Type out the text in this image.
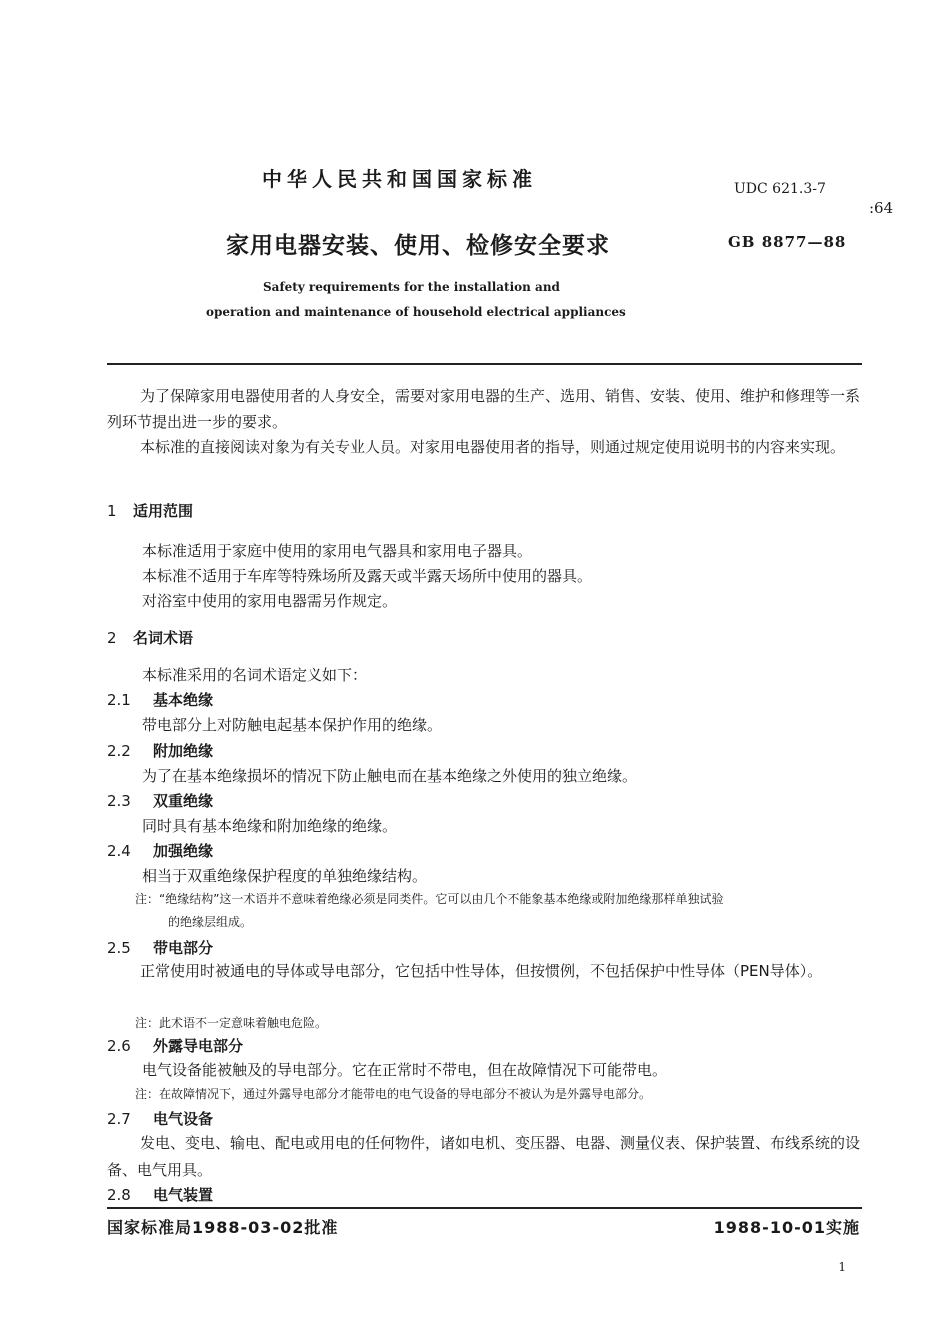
中华人民共和国国家标准	UDC 621.3-7
:64
家用电器安装、使用、检修安全要求	GB 8877—88
Safety requirements for the installation and
operation and maintenance of household electrical appliances
为了保障家用电器使用者的人身安全，需要对家用电器的生产、选用、销售、安装、使用、维护和修理等一系列环节提出进一步的要求。
本标准的直接阅读对象为有关专业人员。对家用电器使用者的指导，则通过规定使用说明书的内容来实现。
1 适用范围
本标准适用于家庭中使用的家用电气器具和家用电子器具。
本标准不适用于车库等特殊场所及露天或半露天场所中使用的器具。
对浴室中使用的家用电器需另作规定。
2 名词术语
本标准采用的名词术语定义如下：
2.1 基本绝缘
带电部分上对防触电起基本保护作用的绝缘。
2.2 附加绝缘
为了在基本绝缘损坏的情况下防止触电而在基本绝缘之外使用的独立绝缘。
2.3 双重绝缘
同时具有基本绝缘和附加绝缘的绝缘。
2.4 加强绝缘
相当于双重绝缘保护程度的单独绝缘结构。
注：“绝缘结构”这一术语并不意味着绝缘必须是同类件。它可以由几个不能象基本绝缘或附加绝缘那样单独试验
的绝缘层组成。
2.5 带电部分
正常使用时被通电的导体或导电部分，它包括中性导体，但按惯例，不包括保护中性导体（PEN导体）。
注：此术语不一定意味着触电危险。
2.6 外露导电部分
电气设备能被触及的导电部分。它在正常时不带电，但在故障情况下可能带电。
注：在故障情况下，通过外露导电部分才能带电的电气设备的导电部分不被认为是外露导电部分。
2.7 电气设备
发电、变电、输电、配电或用电的任何物件，诸如电机、变压器、电器、测量仪表、保护装置、布线系统的设备、电气用具。
2.8 电气装置
国家标准局1988-03-02批准	1988-10-01实施
1
